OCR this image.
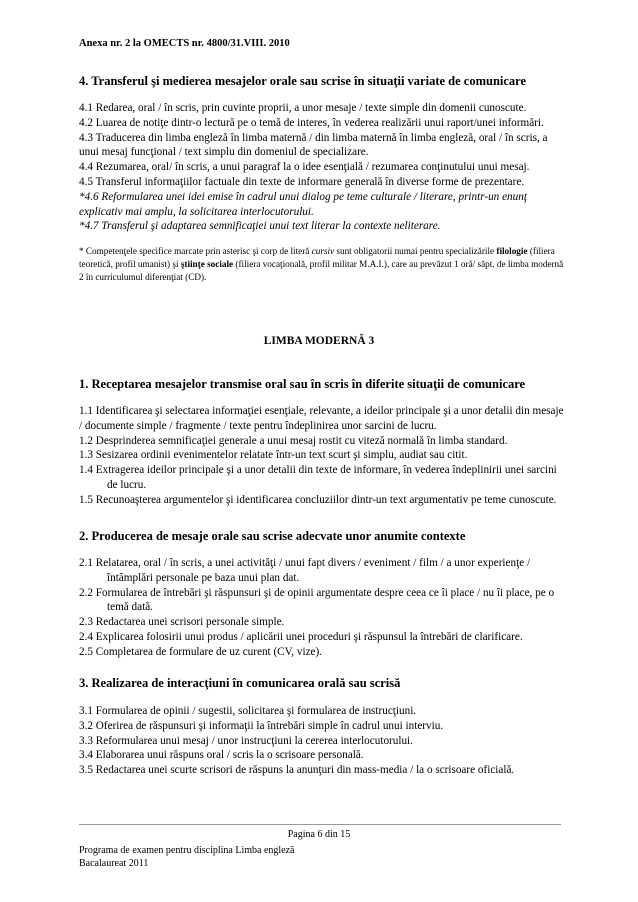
Anexa nr. 2 la OMECTS nr. 4800/31.VIII. 2010
4. Transferul şi medierea mesajelor orale sau scrise în situaţii variate de comunicare

4.1 Redarea, oral / în scris, prin cuvinte proprii, a unor mesaje / texte simple din domenii cunoscute.

4.2 Luarea de notiţe dintr-o lectură pe o temă de interes, în vederea realizării unui raport/unei informări.

4.3 Traducerea din limba engleză în limba maternă / din limba maternă în limba engleză, oral / în scris, a unui mesaj funcţional / text simplu din domeniul de specializare.

4.4 Rezumarea, oral/ în scris, a unui paragraf la o idee esenţială / rezumarea conţinutului unui mesaj.

4.5 Transferul informaţiilor factuale din texte de informare generală în diverse forme de prezentare.

*4.6 Reformularea unei idei emise în cadrul unui dialog pe teme culturale / literare, printr-un enunţ explicativ mai amplu, la solicitarea interlocutorului.

*4.7 Transferul şi adaptarea semnificaţiei unui text literar la contexte neliterare.

* Competenţele specifice marcate prin asterisc şi corp de literă cursiv sunt obligatorii numai pentru specializările filologie (filiera teoretică, profil umanist) şi ştiinţe sociale (filiera vocaţională, profil militar M.A.I.), care au prevăzut 1 oră/ săpt. de limba modernă 2 în curriculumul diferenţiat (CD).
LIMBA MODERNĂ 3
1. Receptarea mesajelor transmise oral sau în scris în diferite situaţii de comunicare

1.1 Identificarea şi selectarea informaţiei esenţiale, relevante, a ideilor principale şi a unor detalii din mesaje / documente simple / fragmente / texte pentru îndeplinirea unor sarcini de lucru.

1.2 Desprinderea semnificaţiei generale a unui mesaj rostit cu viteză normală în limba standard.

1.3 Sesizarea ordinii evenimentelor relatate într-un text scurt şi simplu, audiat sau citit.

1.4 Extragerea ideilor principale şi a unor detalii din texte de informare, în vederea îndeplinirii unei sarcini

de lucru.

1.5 Recunoaşterea argumentelor şi identificarea concluziilor dintr-un text argumentativ pe teme cunoscute.

2. Producerea de mesaje orale sau scrise adecvate unor anumite contexte

2.1 Relatarea, oral / în scris, a unei activităţi / unui fapt divers / eveniment / film / a unor experienţe /

întâmplări personale pe baza unui plan dat.

2.2 Formularea de întrebări şi răspunsuri şi de opinii argumentate despre ceea ce îi place / nu îi place, pe o

temă dată.

2.3 Redactarea unei scrisori personale simple.

2.4 Explicarea folosirii unui produs / aplicării unei proceduri şi răspunsul la întrebări de clarificare.

2.5 Completarea de formulare de uz curent (CV, vize).

3. Realizarea de interacţiuni în comunicarea orală sau scrisă

3.1 Formularea de opinii / sugestii, solicitarea şi formularea de instrucţiuni.

3.2 Oferirea de răspunsuri şi informaţii la întrebări simple în cadrul unui interviu.

3.3 Reformularea unui mesaj / unor instrucţiuni la cererea interlocutorului.

3.4 Elaborarea unui răspuns oral / scris la o scrisoare personală.

3.5 Redactarea unei scurte scrisori de răspuns la anunţuri din mass-media / la o scrisoare oficială.

Pagina 6 din 15
Programa de examen pentru disciplina Limba engleză
Bacalaureat 2011
